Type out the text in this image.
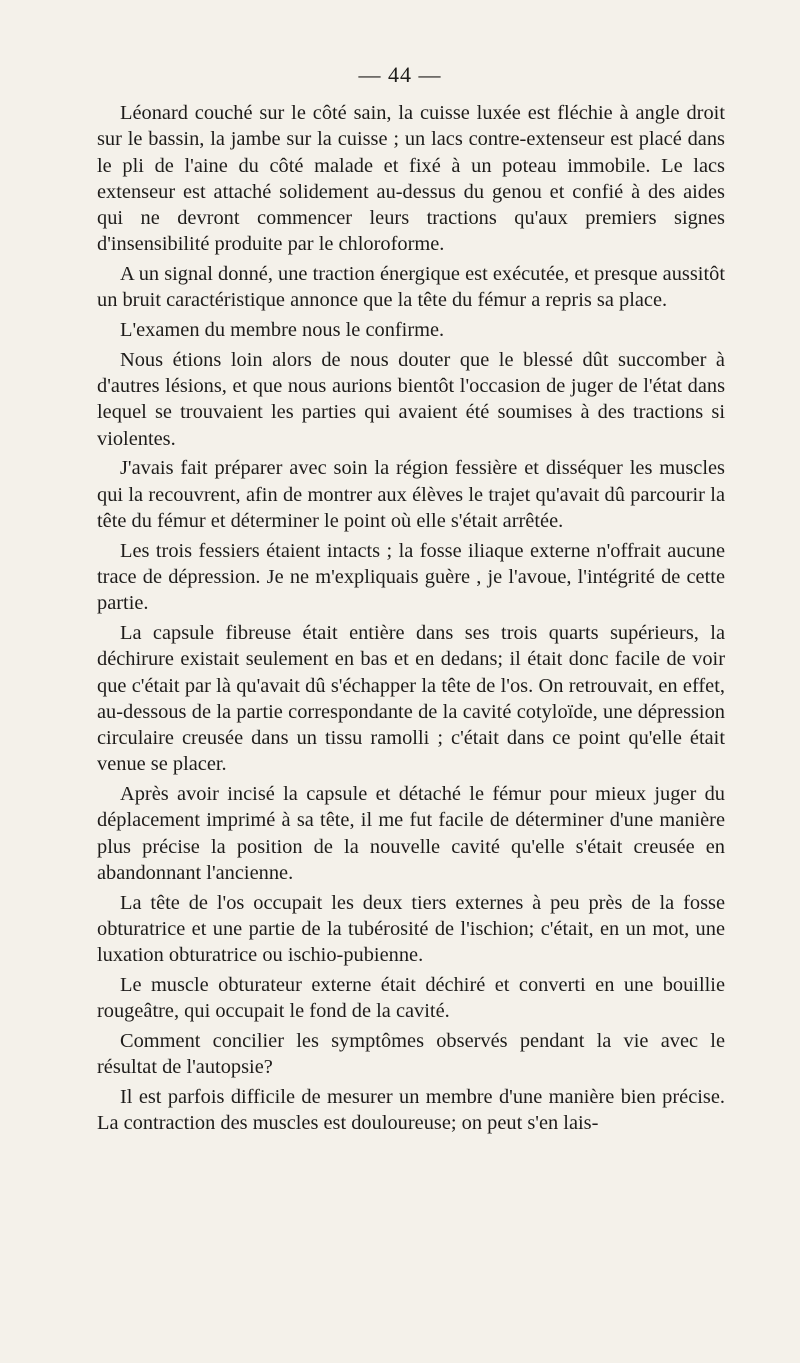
— 44 —

Léonard couché sur le côté sain, la cuisse luxée est fléchie à angle droit sur le bassin, la jambe sur la cuisse ; un lacs contre-extenseur est placé dans le pli de l'aine du côté malade et fixé à un poteau immobile. Le lacs extenseur est attaché solidement au-dessus du genou et confié à des aides qui ne devront commencer leurs tractions qu'aux premiers signes d'insensibilité produite par le chloroforme.

A un signal donné, une traction énergique est exécutée, et presque aussitôt un bruit caractéristique annonce que la tête du fémur a repris sa place.

L'examen du membre nous le confirme.

Nous étions loin alors de nous douter que le blessé dût succomber à d'autres lésions, et que nous aurions bientôt l'occasion de juger de l'état dans lequel se trouvaient les parties qui avaient été soumises à des tractions si violentes.

J'avais fait préparer avec soin la région fessière et disséquer les muscles qui la recouvrent, afin de montrer aux élèves le trajet qu'avait dû parcourir la tête du fémur et déterminer le point où elle s'était arrêtée.

Les trois fessiers étaient intacts ; la fosse iliaque externe n'offrait aucune trace de dépression. Je ne m'expliquais guère , je l'avoue, l'intégrité de cette partie.

La capsule fibreuse était entière dans ses trois quarts supérieurs, la déchirure existait seulement en bas et en dedans; il était donc facile de voir que c'était par là qu'avait dû s'échapper la tête de l'os. On retrouvait, en effet, au-dessous de la partie correspondante de la cavité cotyloïde, une dépression circulaire creusée dans un tissu ramolli ; c'était dans ce point qu'elle était venue se placer.

Après avoir incisé la capsule et détaché le fémur pour mieux juger du déplacement imprimé à sa tête, il me fut facile de déterminer d'une manière plus précise la position de la nouvelle cavité qu'elle s'était creusée en abandonnant l'ancienne.

La tête de l'os occupait les deux tiers externes à peu près de la fosse obturatrice et une partie de la tubérosité de l'ischion; c'était, en un mot, une luxation obturatrice ou ischio-pubienne.

Le muscle obturateur externe était déchiré et converti en une bouillie rougeâtre, qui occupait le fond de la cavité.

Comment concilier les symptômes observés pendant la vie avec le résultat de l'autopsie?

Il est parfois difficile de mesurer un membre d'une manière bien précise. La contraction des muscles est douloureuse; on peut s'en lais-
